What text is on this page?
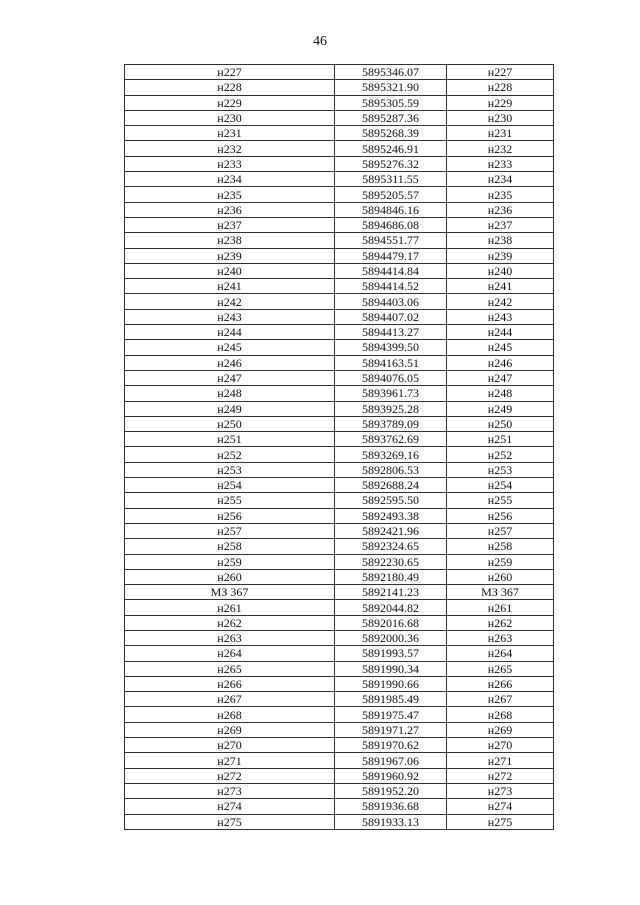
46
н227	5895346.07	н227
н228	5895321.90	н228
н229	5895305.59	н229
н230	5895287.36	н230
н231	5895268.39	н231
н232	5895246.91	н232
н233	5895276.32	н233
н234	5895311.55	н234
н235	5895205.57	н235
н236	5894846.16	н236
н237	5894686.08	н237
н238	5894551.77	н238
н239	5894479.17	н239
н240	5894414.84	н240
н241	5894414.52	н241
н242	5894403.06	н242
н243	5894407.02	н243
н244	5894413.27	н244
н245	5894399.50	н245
н246	5894163.51	н246
н247	5894076.05	н247
н248	5893961.73	н248
н249	5893925.28	н249
н250	5893789.09	н250
н251	5893762.69	н251
н252	5893269.16	н252
н253	5892806.53	н253
н254	5892688.24	н254
н255	5892595.50	н255
н256	5892493.38	н256
н257	5892421.96	н257
н258	5892324.65	н258
н259	5892230.65	н259
н260	5892180.49	н260
МЗ 367	5892141.23	МЗ 367
н261	5892044.82	н261
н262	5892016.68	н262
н263	5892000.36	н263
н264	5891993.57	н264
н265	5891990.34	н265
н266	5891990.66	н266
н267	5891985.49	н267
н268	5891975.47	н268
н269	5891971.27	н269
н270	5891970.62	н270
н271	5891967.06	н271
н272	5891960.92	н272
н273	5891952.20	н273
н274	5891936.68	н274
н275	5891933.13	н275
